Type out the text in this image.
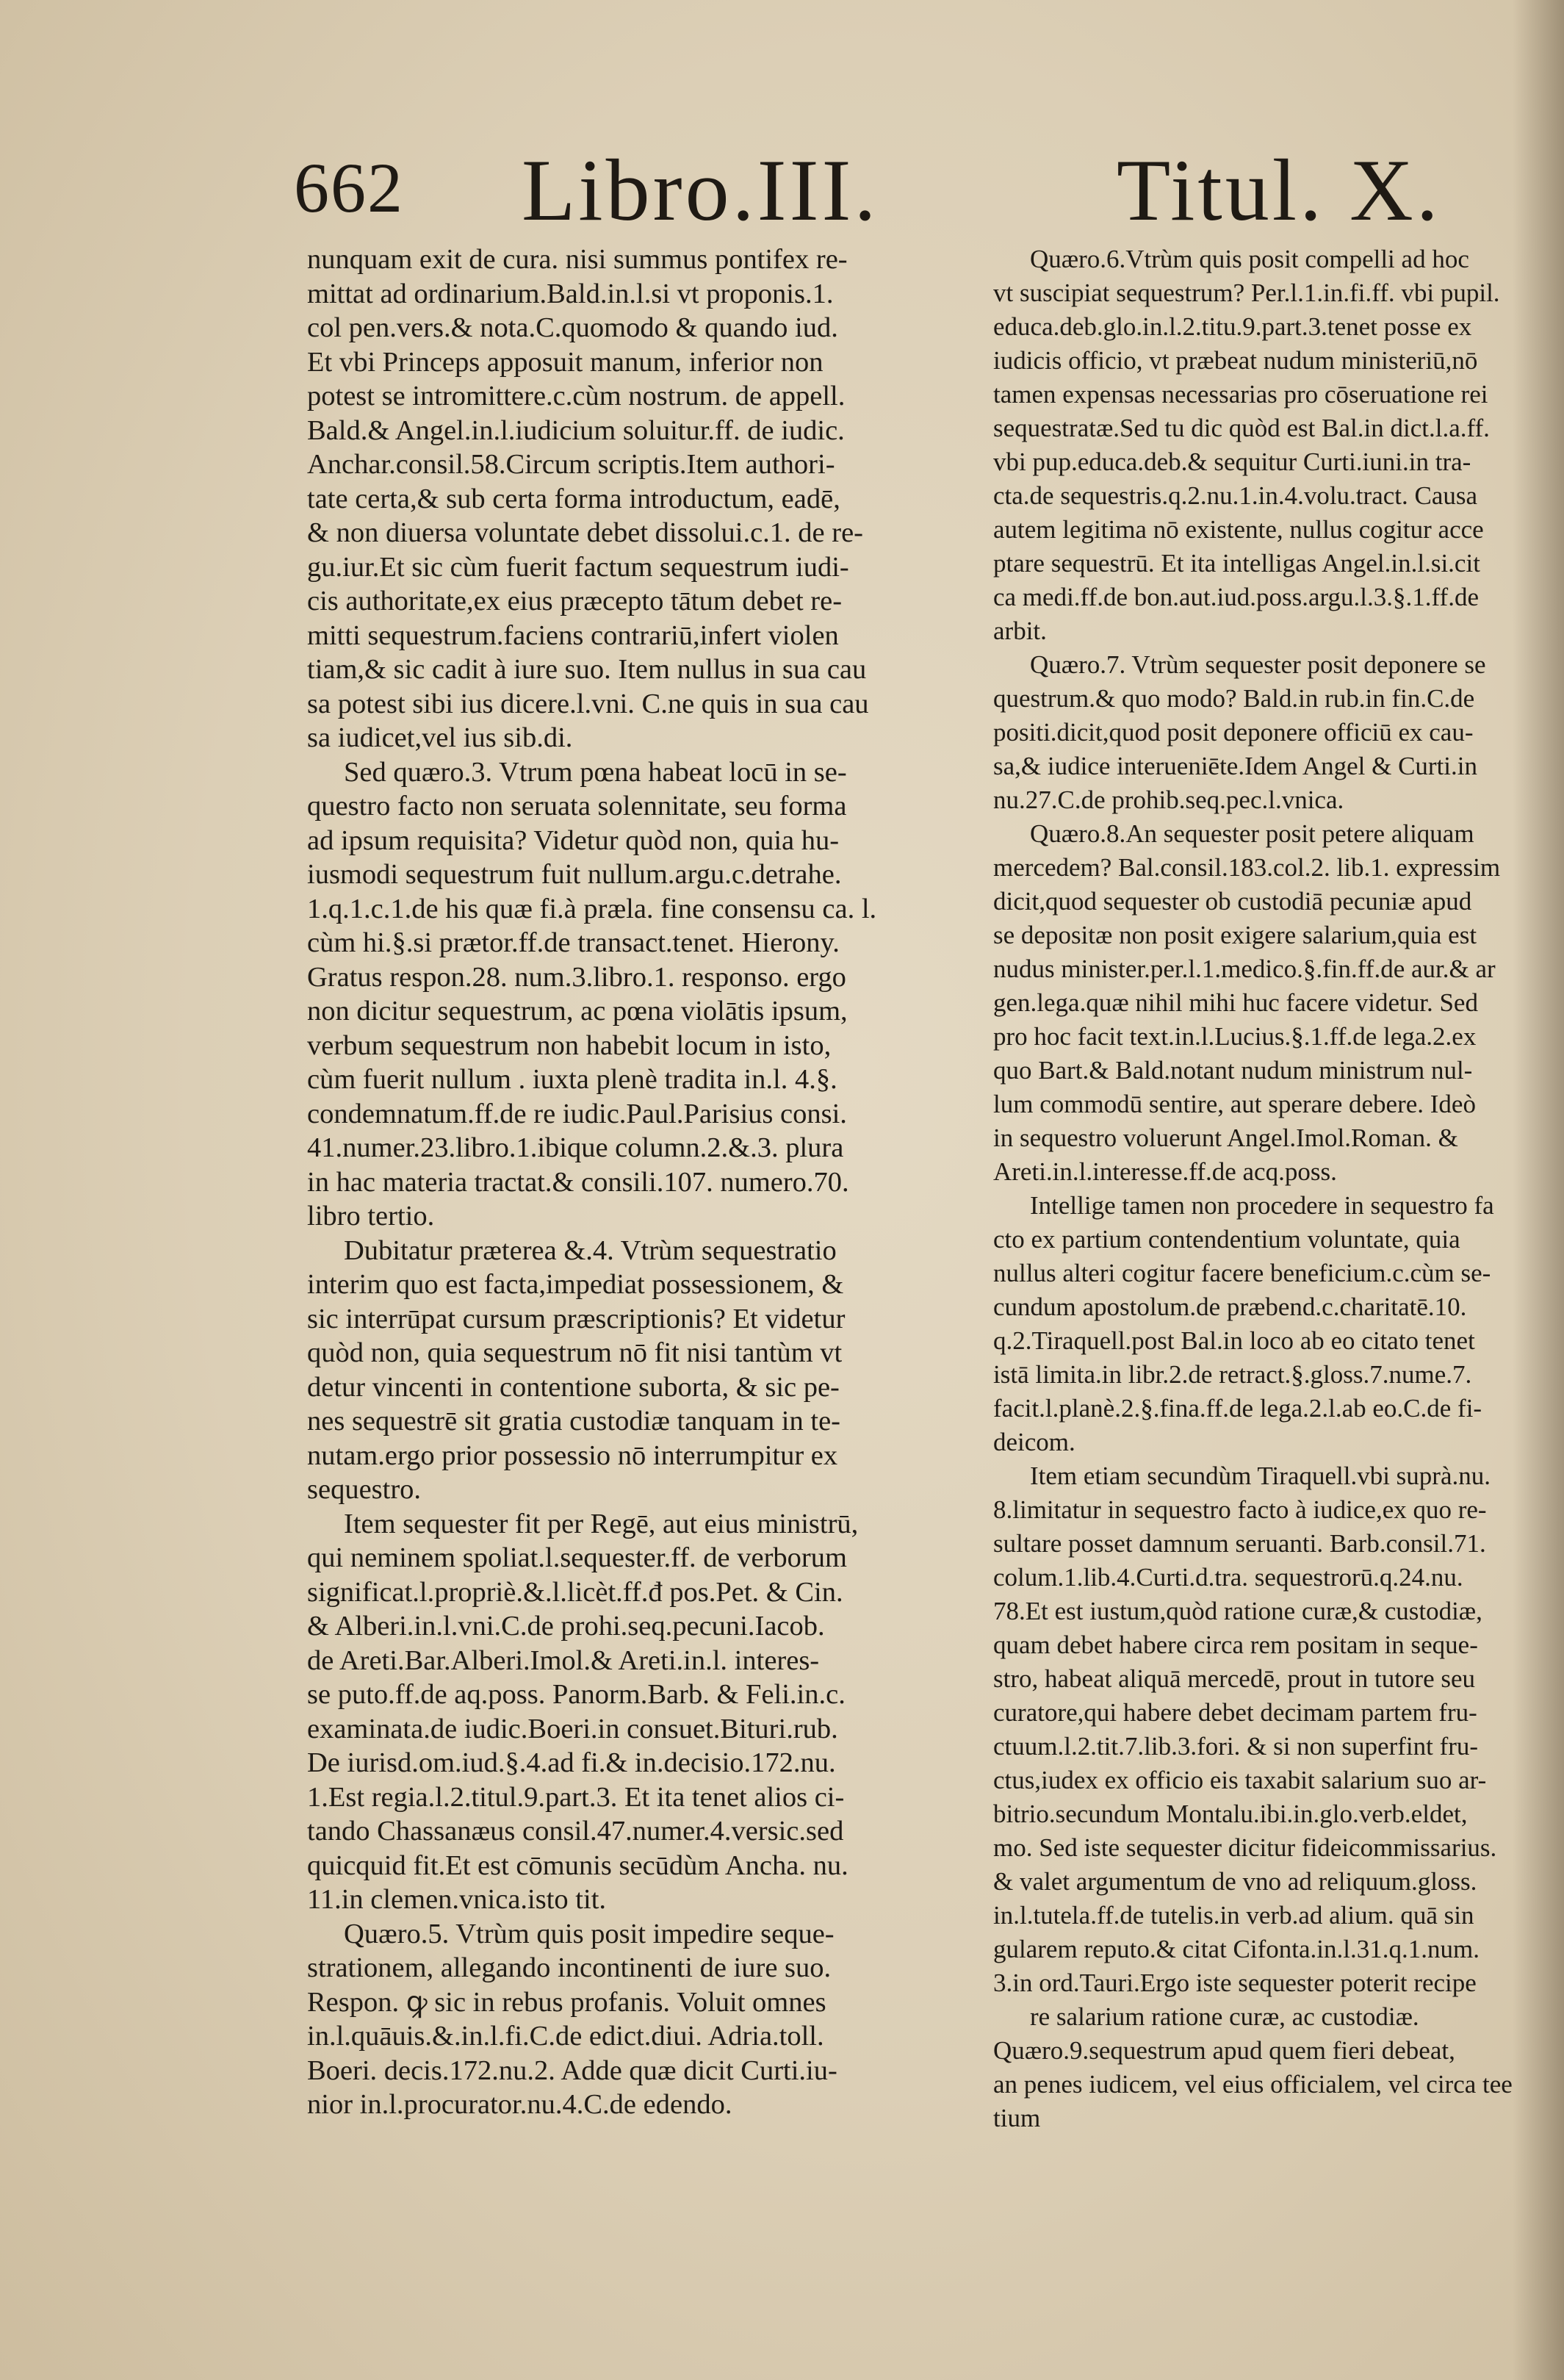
662 Libro.III.	Titul. X.
nunquam exit de cura. nisi summus pontifex re-
mittat ad ordinarium.Bald.in.l.si vt proponis.1.
col pen.vers.& nota.C.quomodo & quando iud.
Et vbi Princeps apposuit manum, inferior non
potest se intromittere.c.cùm nostrum. de appell.
Bald.& Angel.in.l.iudicium soluitur.ff. de iudic.
Anchar.consil.58.Circum scriptis.Item authori-
tate certa,& sub certa forma introductum, eadē,
& non diuersa voluntate debet dissolui.c.1. de re-
gu.iur.Et sic cùm fuerit factum sequestrum iudi-
cis authoritate,ex eius præcepto tātum debet re-
mitti sequestrum.faciens contrariū,infert violen
tiam,& sic cadit à iure suo. Item nullus in sua cau
sa potest sibi ius dicere.l.vni. C.ne quis in sua cau
sa iudicet,vel ius sib.di.
Sed quæro.3. Vtrum pœna habeat locū in se-
questro facto non seruata solennitate, seu forma
ad ipsum requisita? Videtur quòd non, quia hu-
iusmodi sequestrum fuit nullum.argu.c.detrahe.
1.q.1.c.1.de his quæ fi.à præla. fine consensu ca. l.
cùm hi.§.si prætor.ff.de transact.tenet. Hierony.
Gratus respon.28. num.3.libro.1. responso. ergo
non dicitur sequestrum, ac pœna violātis ipsum,
verbum sequestrum non habebit locum in isto,
cùm fuerit nullum . iuxta plenè tradita in.l. 4.§.
condemnatum.ff.de re iudic.Paul.Parisius consi.
41.numer.23.libro.1.ibique column.2.&.3. plura
in hac materia tractat.& consili.107. numero.70.
libro tertio.
Dubitatur præterea &.4. Vtrùm sequestratio
interim quo est facta,impediat possessionem, &
sic interrūpat cursum præscriptionis? Et videtur
quòd non, quia sequestrum nō fit nisi tantùm vt
detur vincenti in contentione suborta, & sic pe-
nes sequestrē sit gratia custodiæ tanquam in te-
nutam.ergo prior possessio nō interrumpitur ex
sequestro.
Item sequester fit per Regē, aut eius ministrū,
qui neminem spoliat.l.sequester.ff. de verborum
significat.l.propriè.&.l.licèt.ff.đ pos.Pet. & Cin.
& Alberi.in.l.vni.C.de prohi.seq.pecuni.Iacob.
de Areti.Bar.Alberi.Imol.& Areti.in.l. interes-
se puto.ff.de aq.poss. Panorm.Barb. & Feli.in.c.
examinata.de iudic.Boeri.in consuet.Bituri.rub.
De iurisd.om.iud.§.4.ad fi.& in.decisio.172.nu.
1.Est regia.l.2.titul.9.part.3. Et ita tenet alios ci-
tando Chassanæus consil.47.numer.4.versic.sed
quicquid fit.Et est cōmunis secūdùm Ancha. nu.
11.in clemen.vnica.isto tit.
Quæro.5. Vtrùm quis posit impedire seque-
strationem, allegando incontinenti de iure suo.
Respon. ꝙ sic in rebus profanis. Voluit omnes
in.l.quāuis.&.in.l.fi.C.de edict.diui. Adria.toll.
Boeri. decis.172.nu.2. Adde quæ dicit Curti.iu-
nior in.l.procurator.nu.4.C.de edendo.
Quæro.6.Vtrùm quis posit compelli ad hoc
vt suscipiat sequestrum? Per.l.1.in.fi.ff. vbi pupil.
educa.deb.glo.in.l.2.titu.9.part.3.tenet posse ex
iudicis officio, vt præbeat nudum ministeriū,nō
tamen expensas necessarias pro cōseruatione rei
sequestratæ.Sed tu dic quòd est Bal.in dict.l.a.ff.
vbi pup.educa.deb.& sequitur Curti.iuni.in tra-
cta.de sequestris.q.2.nu.1.in.4.volu.tract. Causa
autem legitima nō existente, nullus cogitur acce
ptare sequestrū. Et ita intelligas Angel.in.l.si.cit
ca medi.ff.de bon.aut.iud.poss.argu.l.3.§.1.ff.de
arbit.
Quæro.7. Vtrùm sequester posit deponere se
questrum.& quo modo? Bald.in rub.in fin.C.de
positi.dicit,quod posit deponere officiū ex cau-
sa,& iudice interueniēte.Idem Angel & Curti.in
nu.27.C.de prohib.seq.pec.l.vnica.
Quæro.8.An sequester posit petere aliquam
mercedem? Bal.consil.183.col.2. lib.1. expressim
dicit,quod sequester ob custodiā pecuniæ apud
se depositæ non posit exigere salarium,quia est
nudus minister.per.l.1.medico.§.fin.ff.de aur.& ar
gen.lega.quæ nihil mihi huc facere videtur. Sed
pro hoc facit text.in.l.Lucius.§.1.ff.de lega.2.ex
quo Bart.& Bald.notant nudum ministrum nul-
lum commodū sentire, aut sperare debere. Ideò
in sequestro voluerunt Angel.Imol.Roman. &
Areti.in.l.interesse.ff.de acq.poss.
Intellige tamen non procedere in sequestro fa
cto ex partium contendentium voluntate, quia
nullus alteri cogitur facere beneficium.c.cùm se-
cundum apostolum.de præbend.c.charitatē.10.
q.2.Tiraquell.post Bal.in loco ab eo citato tenet
istā limita.in libr.2.de retract.§.gloss.7.nume.7.
facit.l.planè.2.§.fina.ff.de lega.2.l.ab eo.C.de fi-
deicom.
Item etiam secundùm Tiraquell.vbi suprà.nu.
8.limitatur in sequestro facto à iudice,ex quo re-
sultare posset damnum seruanti. Barb.consil.71.
colum.1.lib.4.Curti.d.tra. sequestrorū.q.24.nu.
78.Et est iustum,quòd ratione curæ,& custodiæ,
quam debet habere circa rem positam in seque-
stro, habeat aliquā mercedē, prout in tutore seu
curatore,qui habere debet decimam partem fru-
ctuum.l.2.tit.7.lib.3.fori. & si non superfint fru-
ctus,iudex ex officio eis taxabit salarium suo ar-
bitrio.secundum Montalu.ibi.in.glo.verb.eldet,
mo. Sed iste sequester dicitur fideicommissarius.
& valet argumentum de vno ad reliquum.gloss.
in.l.tutela.ff.de tutelis.in verb.ad alium. quā sin
gularem reputo.& citat Cifonta.in.l.31.q.1.num.
3.in ord.Tauri.Ergo iste sequester poterit recipe
re salarium ratione curæ, ac custodiæ.
Quæro.9.sequestrum apud quem fieri debeat,
an penes iudicem, vel eius officialem, vel circa tee
tium
